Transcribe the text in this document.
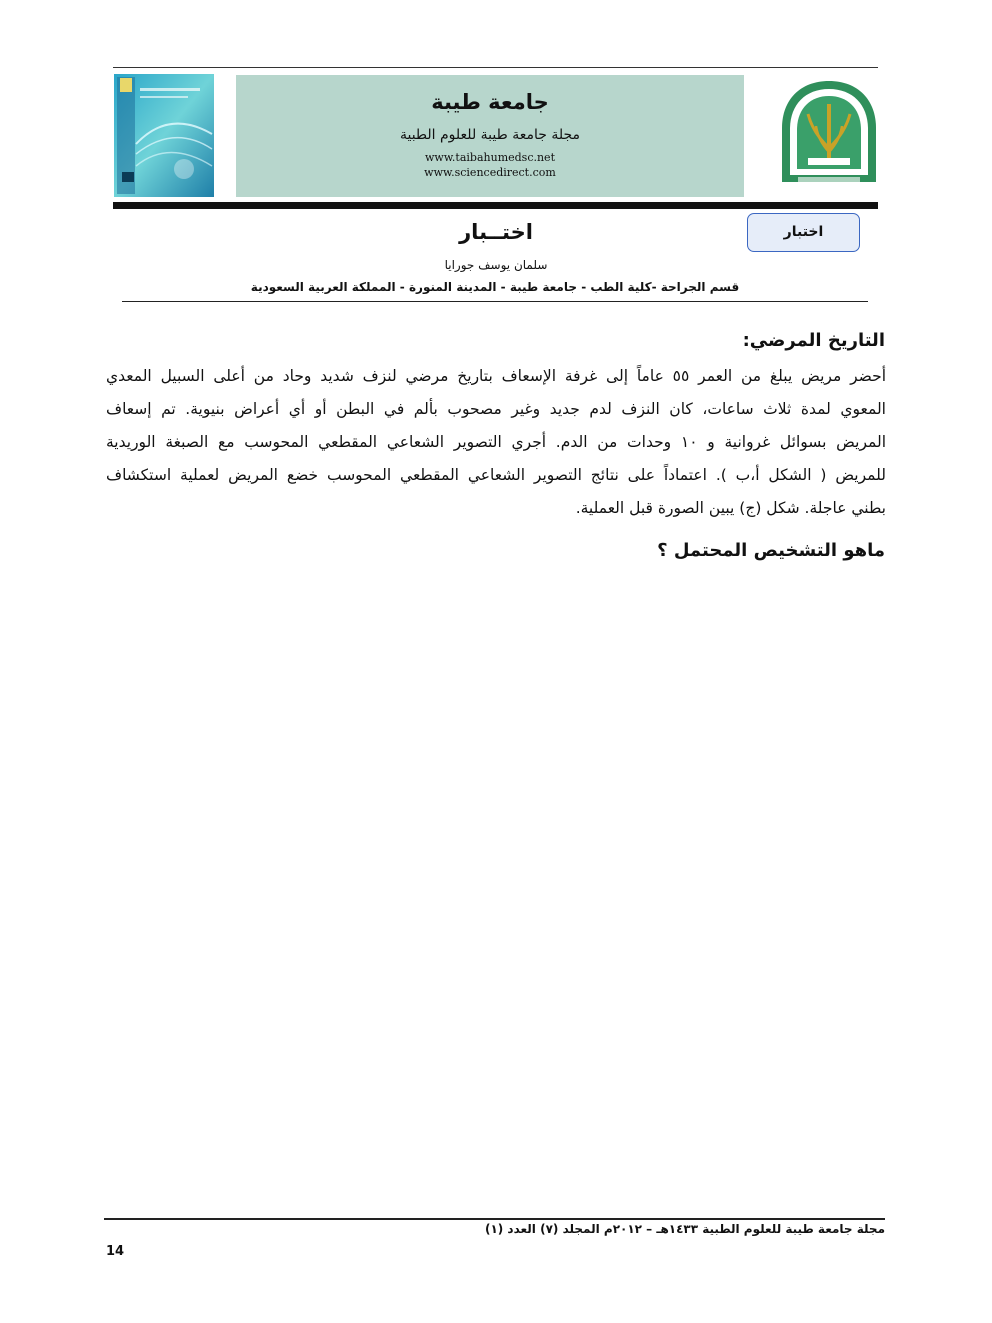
جامعة طيبة
مجلة جامعة طيبة للعلوم الطبية
www.taibahumedsc.net
www.sciencedirect.com
اختبار
اختــبار
سلمان يوسف جورايا
قسم الجراحة -كلية الطب - جامعة طيبة - المدينة المنورة - المملكة العربية السعودية
التاريخ المرضي:
أحضر مريض يبلغ من العمر ٥٥ عاماً إلى غرفة الإسعاف بتاريخ مرضي لنزف شديد وحاد من أعلى السبيل المعدي
المعوي لمدة ثلاث ساعات، كان النزف لدم جديد وغير مصحوب بألم في البطن أو أي أعراض بنيوية. تم إسعاف
المريض بسوائل غروانية و ١٠ وحدات من الدم. أجري التصوير الشعاعي المقطعي المحوسب مع الصبغة الوريدية
للمريض ( الشكل أ،ب ). اعتماداً على نتائج التصوير الشعاعي المقطعي المحوسب خضع المريض لعملية استكشاف
بطني عاجلة. شكل (ج) يبين الصورة قبل العملية.
ماهو التشخيص المحتمل ؟
مجلة جامعة طيبة للعلوم الطبية ١٤٣٣هـ – ٢٠١٢م المجلد (٧) العدد (١)
14
